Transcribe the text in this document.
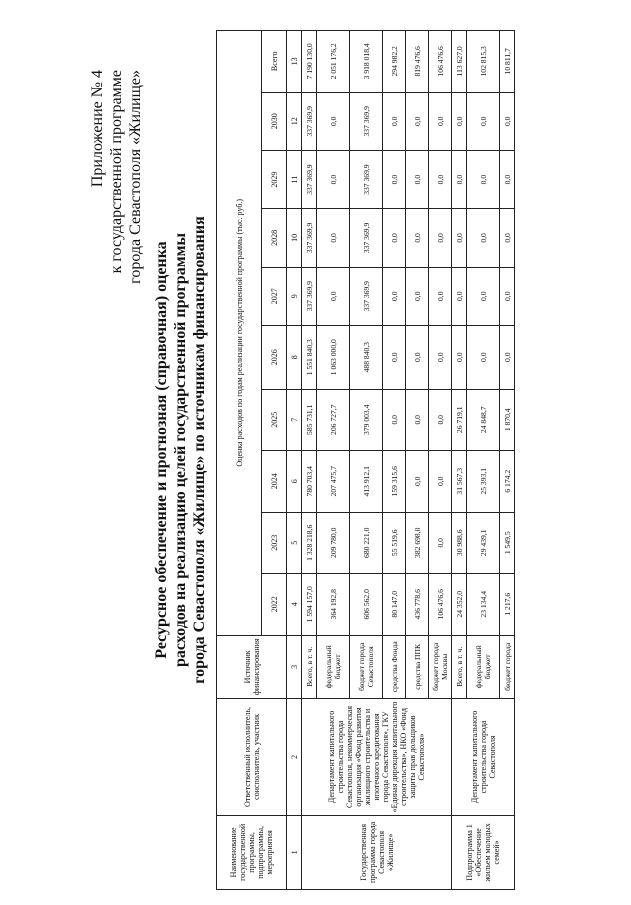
Приложение № 4 к государственной программе города Севастополя «Жилище»
Ресурсное обеспечение и прогнозная (справочная) оценка расходов на реализацию целей государственной программы города Севастополя «Жилище» по источникам финансирования
Наименование государственной программы, подпрограммы, мероприятия	Ответственный исполнитель, соисполнитель, участник	Источник финансирования	Оценка расходов по годам реализации государственной программы (тыс. руб.)									
			2022	2023	2024	2025	2026	2027	2028	2029	2030	Всего
1	2	3	4	5	6	7	8	9	10	11	12	13
Государственная программа города Севастополя «Жилище»	Департамент капитального строительства города Севастополя, некоммерческая организация «Фонд развития жилищного строительства и ипотечного кредитования города Севастополя», ГКУ «Единая дирекция капитального строительства», НКО «Фонд защиты прав дольщиков Севастополя»	Всего, в т. ч.	1 594 157,0	1 328 218,6	780 703,4	585 731,1	1 551 840,3	337 369,9	337 369,9	337 369,9	337 369,9	7 190 130,0
		федеральный бюджет	364 192,8	209 780,0	207 475,7	206 727,7	1 063 000,0	0,0	0,0	0,0	0,0	2 051 176,2
		бюджет города Севастополя	606 562,0	680 221,0	413 912,1	379 003,4	488 840,3	337 369,9	337 369,9	337 369,9	337 369,9	3 918 018,4
		средства Фонда	80 147,0	55 519,6	159 315,6	0,0	0,0	0,0	0,0	0,0	0,0	294 982,2
		средства ППК	436 778,6	382 698,0	0,0	0,0	0,0	0,0	0,0	0,0	0,0	819 476,6
		бюджет города Москвы	106 476,6	0,0	0,0	0,0	0,0	0,0	0,0	0,0	0,0	106 476,6
Подпрограмма 1 «Обеспечение жильем молодых семей»	Департамент капитального строительства города Севастополя	Всего, в т. ч.	24 352,0	30 988,6	31 567,3	26 719,1	0,0	0,0	0,0	0,0	0,0	113 627,0
		федеральный бюджет	23 134,4	29 439,1	25 393,1	24 848,7	0,0	0,0	0,0	0,0	0,0	102 815,3
		бюджет города	1 217,6	1 549,5	6 174,2	1 870,4	0,0	0,0	0,0	0,0	0,0	10 811,7
